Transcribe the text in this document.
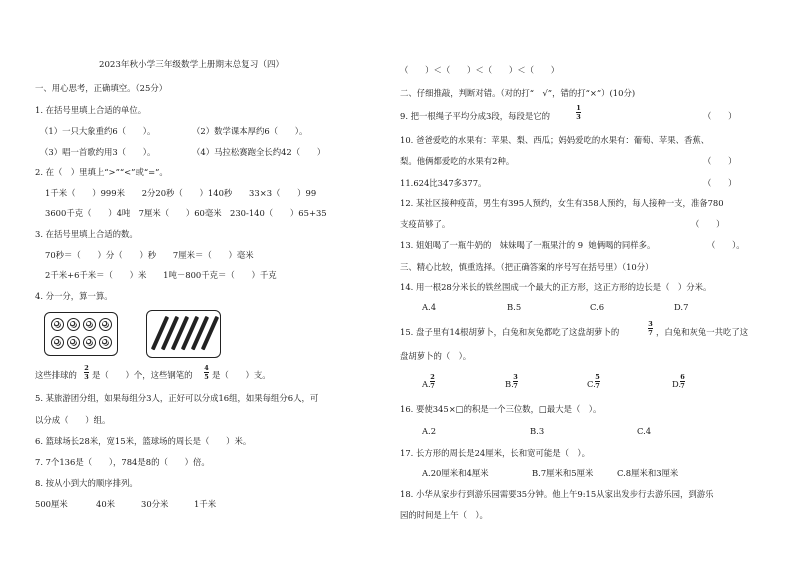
2023年秋小学三年级数学上册期末总复习（四）
一、用心思考，正确填空。（25分）
1. 在括号里填上合适的单位。
（1）一只大象重约6（　　）。	（2）数学课本厚约6（　　）。
（3）唱一首歌约用3（　　）。	（4）马拉松赛跑全长约42（　　）
2. 在（　）里填上“>”“<”或“=”。
1千米（　　）999米　　2分20秒（　　）140秒　　33×3（　　）99
3600千克（　　）4吨　7厘米（　　）60毫米　230-140（　　）65+35
3. 在括号里填上合适的数。
70秒＝（　　）分（　　）秒　　7厘米＝（　　）毫米
2千米+6千米＝（　　）米　　1吨－800千克＝（　　）千克
4. 分一分，算一算。
这些排球的
2
3 是（　　）个，这些钢笔的
4
5 是（　　）支。
5. 某旅游团分组，如果每组分3人，正好可以分成16组，如果每组分6人，可
以分成（　　）组。
6. 篮球场长28米，宽15米，篮球场的周长是（　　）米。
7. 7个136是（　　），784是8的（　　）倍。
8. 按从小到大的顺序排列。
500厘米	40米	30分米	1千米
（　　）＜（　　）＜（　　）＜（　　）
二、仔细推敲，判断对错。（对的打“　√”，错的打“×”）(10分)
9. 把一根绳子平均分成3段，每段是它的
1
3	（　　）
10. 爸爸爱吃的水果有：苹果、梨、西瓜；妈妈爱吃的水果有：葡萄、苹果、香蕉、
梨。他俩都爱吃的水果有2种。	（　　）
11.624比347多377。	（　　）
12. 某社区接种疫苗，男生有395人预约，女生有358人预约，每人接种一支，准备780
支疫苗够了。	（　　）
13. 姐姐喝了一瓶牛奶的　妹妹喝了一瓶果汁的 9  她俩喝的同样多。	（　　）。
三、精心比较，慎重选择。（把正确答案的序号写在括号里）（10分）
14. 用一根28分米长的铁丝围成一个最大的正方形，这正方形的边长是（　）分米。
A.4	B.5	C.6	D.7
15. 盘子里有14根胡萝卜，白兔和灰兔都吃了这盘胡萝卜的
3
7 ，白兔和灰兔一共吃了这
盘胡萝卜的（　）。
A.
2
7	B.
3
7	C.
5
7	D.
6
7
16. 要使345×□的积是一个三位数，□最大是（　）。
A.2	B.3	C.4
17. 长方形的周长是24厘米，长和宽可能是（　）。
A.20厘米和4厘米	B.7厘米和5厘米	C.8厘米和3厘米
18. 小华从家步行到游乐园需要35分钟。他上午9:15从家出发步行去游乐园，到游乐
园的时间是上午（　）。
